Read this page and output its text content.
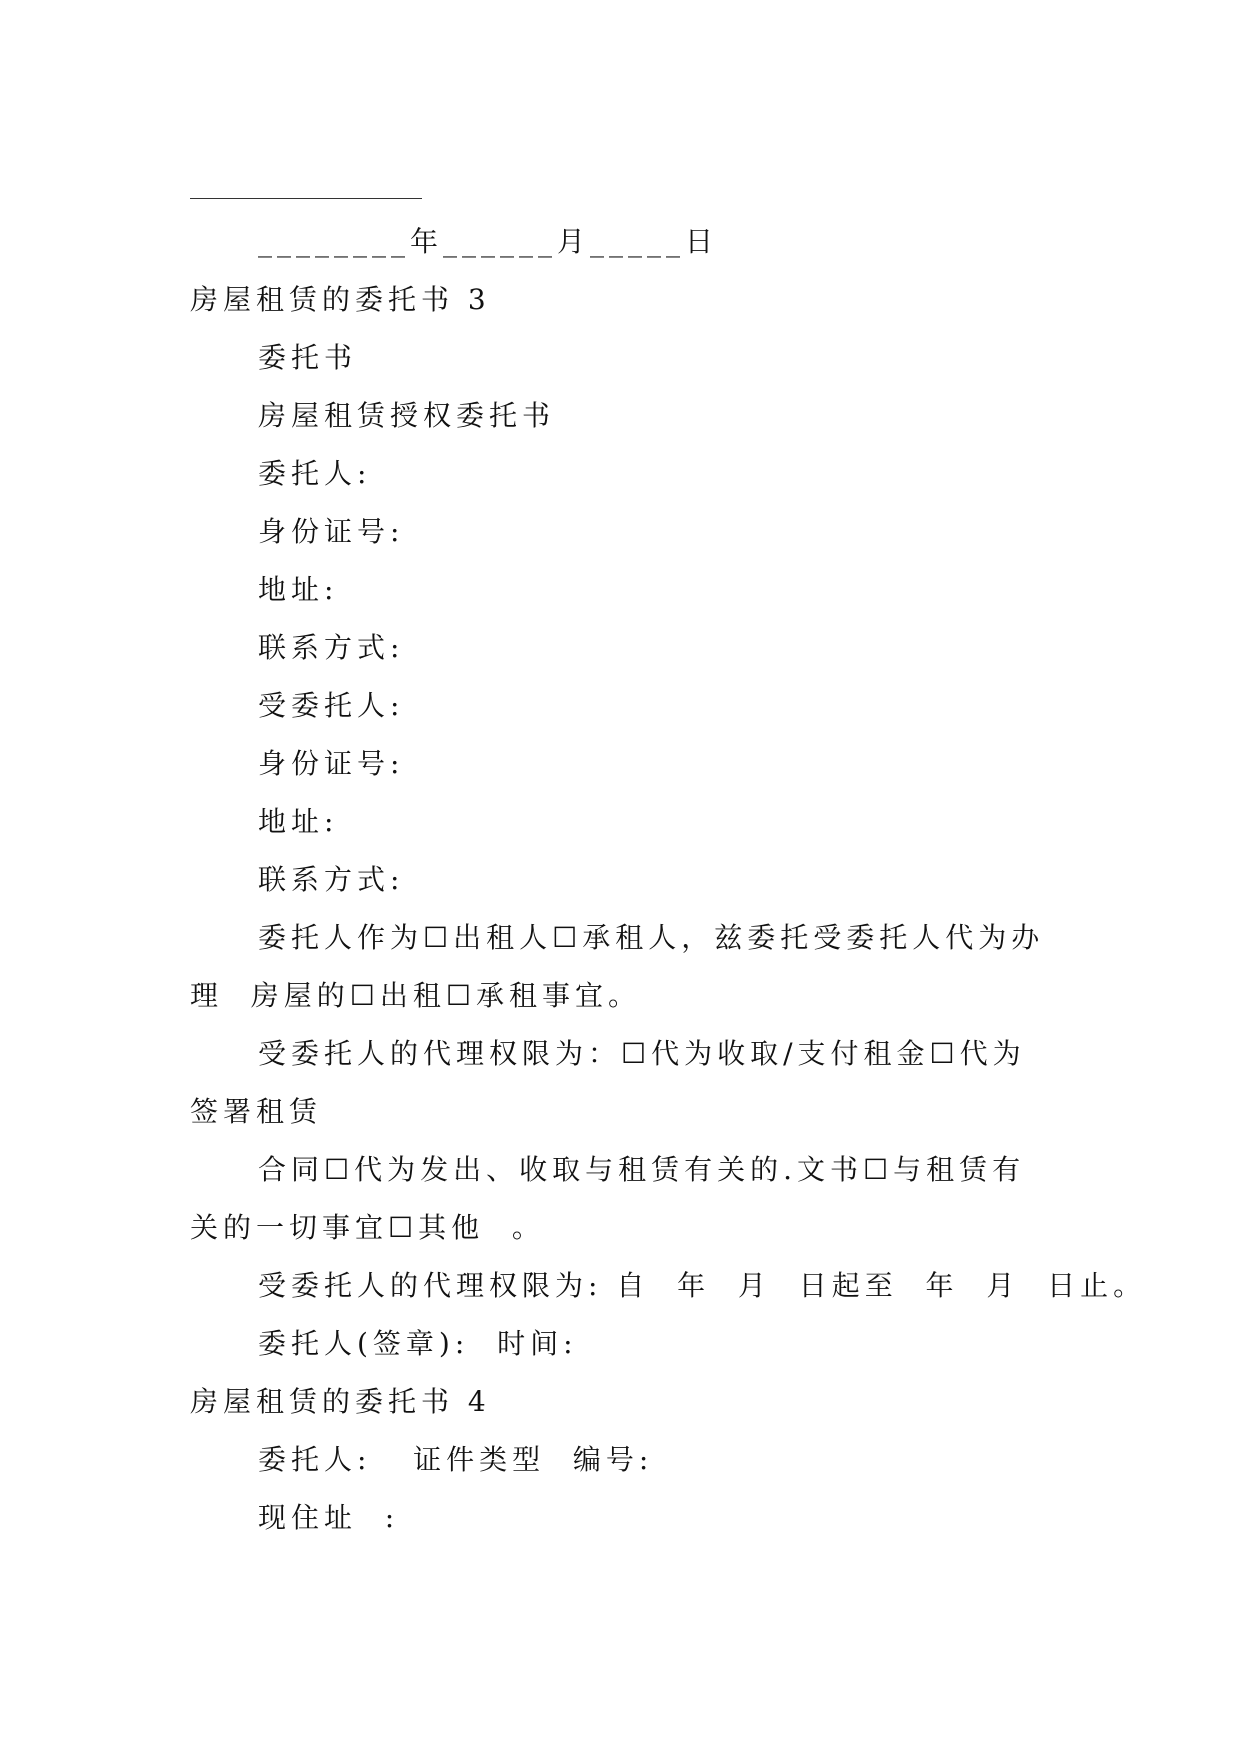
________年______月_____日
房屋租赁的委托书 3
委托书
房屋租赁授权委托书
委托人:
身份证号:
地址:
联系方式:
受委托人:
身份证号:
地址:
联系方式:
委托人作为☐出租人☐承租人，兹委托受委托人代为办
理  房屋的☐出租☐承租事宜。
受委托人的代理权限为：☐代为收取/支付租金☐代为
签署租赁
合同☐代为发出、收取与租赁有关的.文书☐与租赁有
关的一切事宜☐其他  。
受委托人的代理权限为: 自  年  月  日起至  年  月  日止。
委托人(签章):  时间:
房屋租赁的委托书 4
委托人:   证件类型  编号:
现住址  :
